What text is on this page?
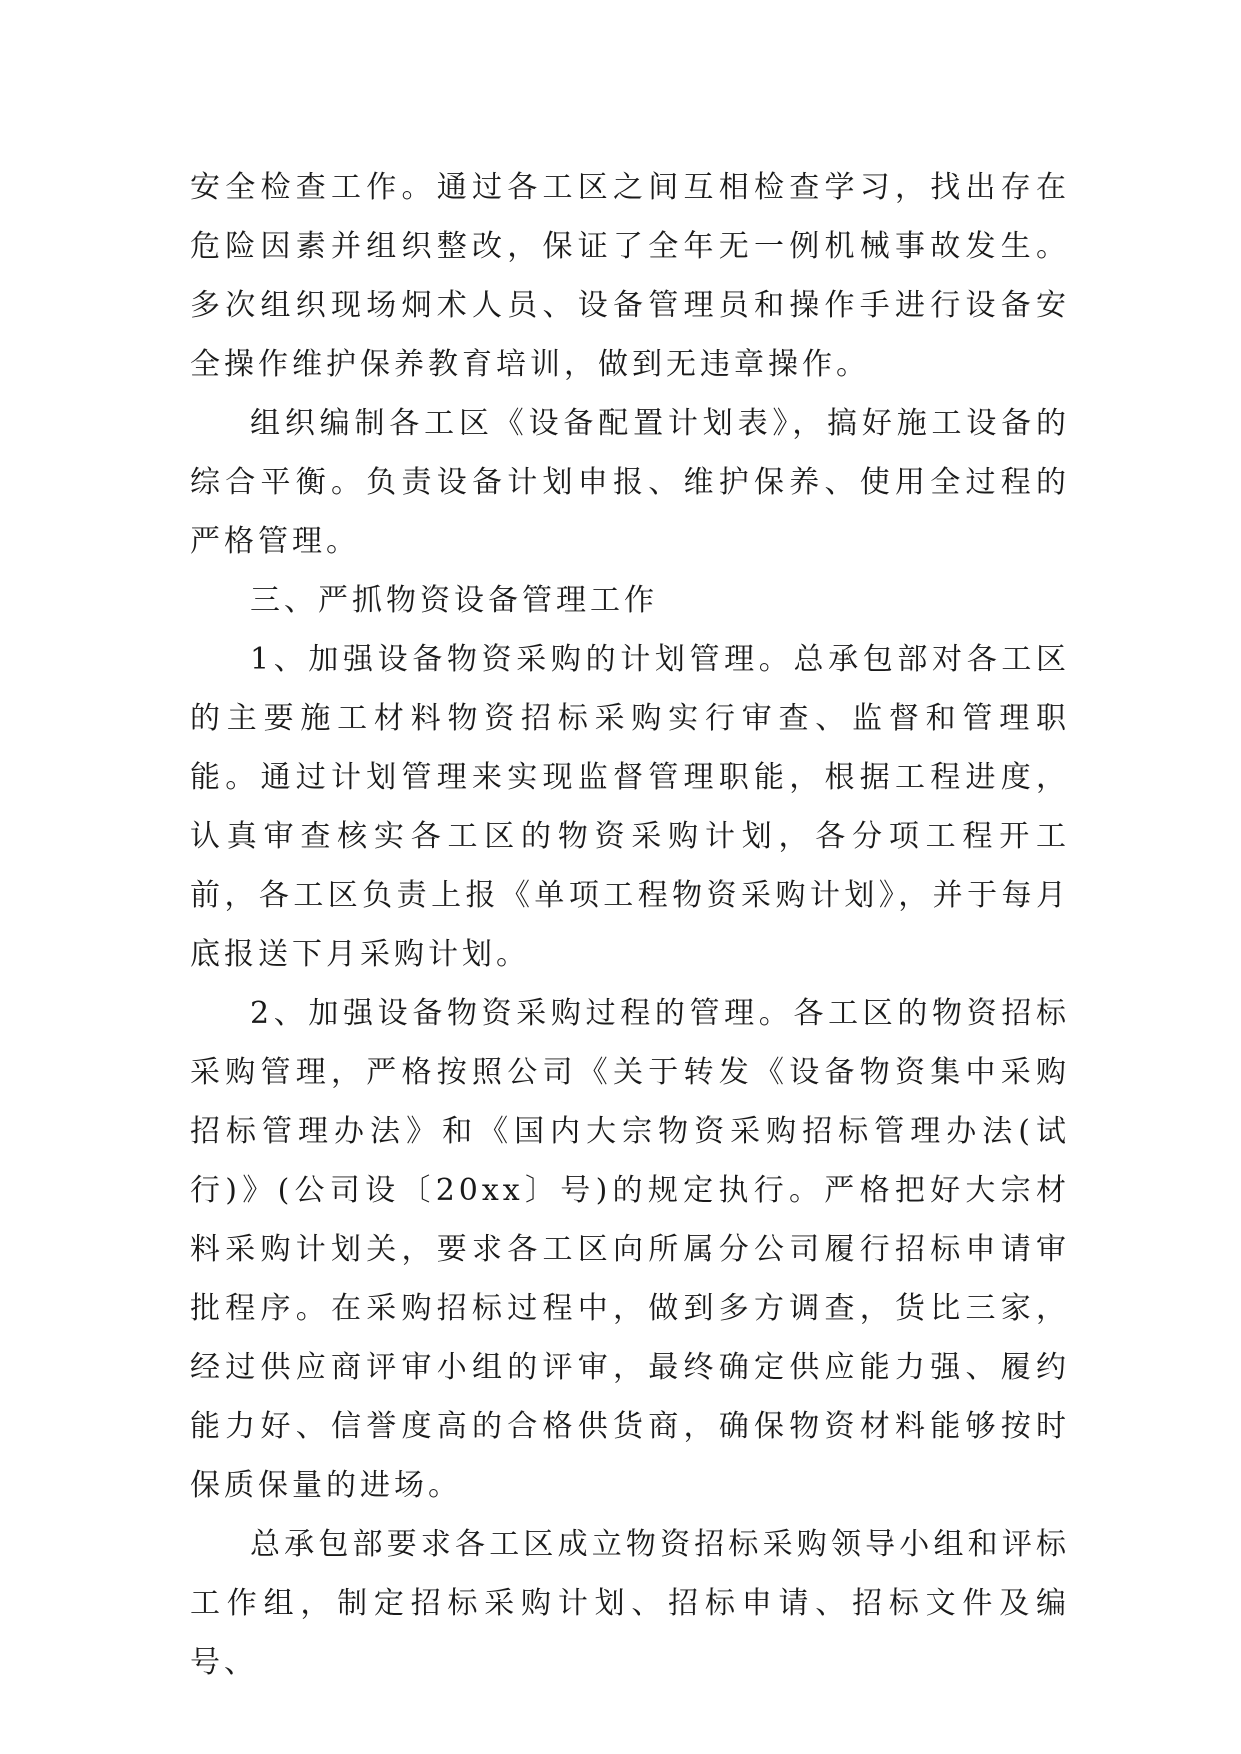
安全检查工作。通过各工区之间互相检查学习，找出存在危险因素并组织整改，保证了全年无一例机械事故发生。多次组织现场炯术人员、设备管理员和操作手进行设备安全操作维护保养教育培训，做到无违章操作。

组织编制各工区《设备配置计划表》，搞好施工设备的综合平衡。负责设备计划申报、维护保养、使用全过程的严格管理。

三、严抓物资设备管理工作

1、加强设备物资采购的计划管理。总承包部对各工区的主要施工材料物资招标采购实行审查、监督和管理职能。通过计划管理来实现监督管理职能，根据工程进度，认真审查核实各工区的物资采购计划，各分项工程开工前，各工区负责上报《单项工程物资采购计划》，并于每月底报送下月采购计划。

2、加强设备物资采购过程的管理。各工区的物资招标采购管理，严格按照公司《关于转发《设备物资集中采购招标管理办法》和《国内大宗物资采购招标管理办法(试行)》(公司设〔20xx〕号)的规定执行。严格把好大宗材料采购计划关，要求各工区向所属分公司履行招标申请审批程序。在采购招标过程中，做到多方调查，货比三家，经过供应商评审小组的评审，最终确定供应能力强、履约能力好、信誉度高的合格供货商，确保物资材料能够按时保质保量的进场。

总承包部要求各工区成立物资招标采购领导小组和评标工作组，制定招标采购计划、招标申请、招标文件及编号、
